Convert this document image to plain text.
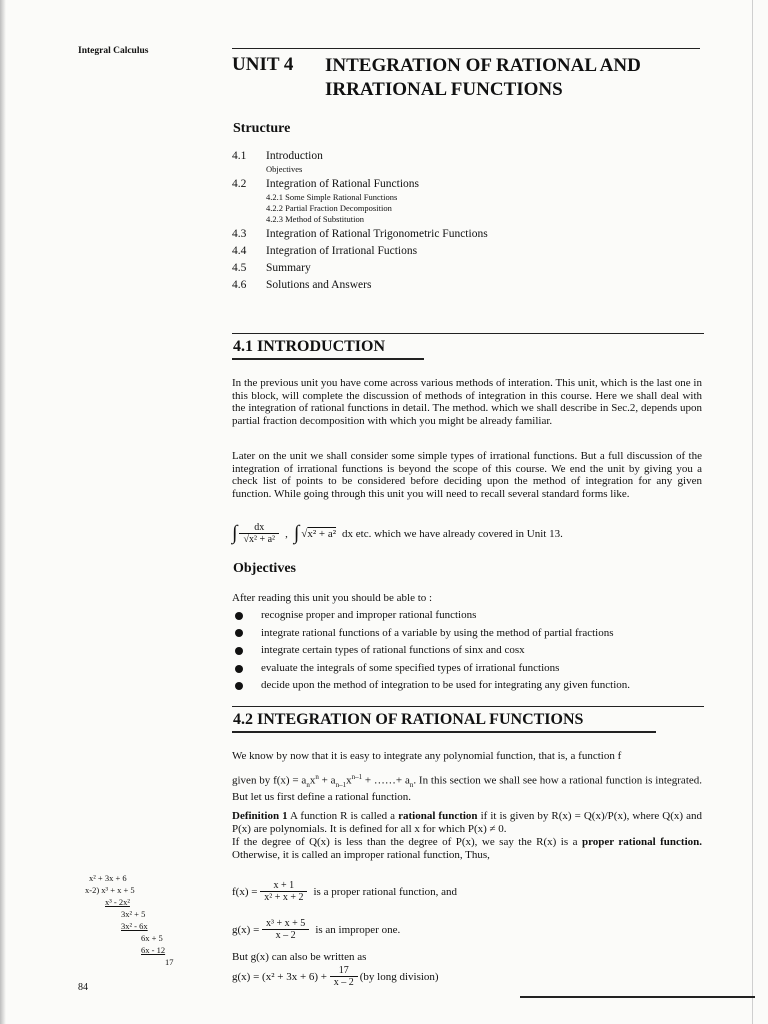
Integral Calculus
UNIT 4 INTEGRATION OF RATIONAL AND
IRRATIONAL FUNCTIONS
Structure
4.1	Introduction
Objectives
4.2	Integration of Rational Functions
4.2.1 Some Simple Rational Functions
4.2.2 Partial Fraction Decomposition
4.2.3 Method of Substitution
4.3	Integration of Rational Trigonometric Functions
4.4	Integration of Irrational Fuctions
4.5	Summary
4.6	Solutions and Answers
4.1 INTRODUCTION
In the previous unit you have come across various methods of interation. This unit, which is the last one in this block, will complete the discussion of methods of integration in this course. Here we shall deal with the integration of rational functions in detail. The method. which we shall describe in Sec.2, depends upon partial fraction decomposition with which you might be already familiar.
Later on the unit we shall consider some simple types of irrational functions. But a full discussion of the integration of irrational functions is beyond the scope of this course. We end the unit by giving you a check list of points to be considered before deciding upon the method of integration for any given function. While going through this unit you will need to recall several standard forms like.
∫ $\frac{dx}{\text{√x² + a²}}$ , ∫ √x² + a² dx etc. which we have already covered in Unit 13.
Objectives
After reading this unit you should be able to :
recognise proper and improper rational functions
integrate rational functions of a variable by using the method of partial fractions
integrate certain types of rational functions of sinx and cosx
evaluate the integrals of some specified types of irrational functions
decide upon the method of integration to be used for integrating any given function.
4.2 INTEGRATION OF RATIONAL FUNCTIONS
We know by now that it is easy to integrate any polynomial function, that is, a function f
given by $f(x) = a_nx^n + a_{n-1}x^{n-1}$ + ……+ $a_n$. In this section we shall see how a rational function is integrated. But let us first define a rational function.
Definition 1 A function R is called a rational function if it is given by R(x) = Q(x)/P(x), where Q(x) and P(x) are polynomials. It is defined for all x for which P(x) ≠ 0.
If the degree of Q(x) is less than the degree of P(x), we say the R(x) is a proper rational function. Otherwise, it is called an improper rational function, Thus,
$f(x) = \frac{x + 1}{\text{x² + x + 2}}$ is a proper rational function, and
$g(x) = \frac{\text{x³ + x + 5}}{x - 2}$ is an improper one.
But g(x) can also be written as
$g(x) = (x^2 + 3x + 6) + \frac{17}{x - 2} (by$ long division)
x² + 3x + 6
x-2) x³ + x + 5
x³ - 2x²
3x² + 5
3x² - 6x
6x + 5
6x - 12
17
84
